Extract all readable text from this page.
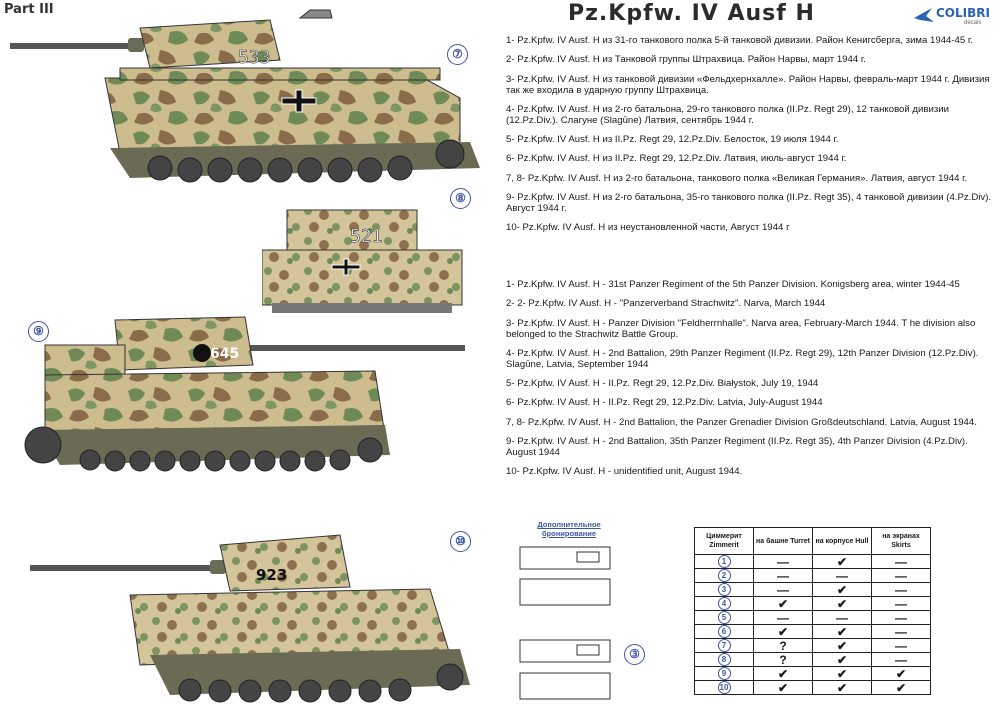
Part III	Pz.Kpfw. IV Ausf H	COLIBRI
decals
533	⑦
521
⑧
645
⑨
923
⑩

1- Pz.Kpfw. IV Ausf. H из 31-го танкового полка 5-й танковой дивизии. Район Кенигсберга, зима 1944-45 г.

2- Pz.Kpfw. IV Ausf. H из Танковой группы Штрахвица. Район Нарвы, март 1944 г.

3- Pz.Kpfw. IV Ausf. H из танковой дивизии «Фельдхернхалле». Район Нарвы, февраль-март 1944 г. Дивизия так же входила в ударную группу Штрахвица.

4- Pz.Kpfw. IV Ausf. H из 2-го батальона, 29-го танкового полка (II.Pz. Regt 29), 12 танковой дивизии (12.Pz.Div.). Слагуне (Slagūne) Латвия, сентябрь 1944 г.

5- Pz.Kpfw. IV Ausf. H из II.Pz. Regt 29, 12.Pz.Div. Белосток, 19 июля 1944 г.

6- Pz.Kpfw. IV Ausf. H из II.Pz. Regt 29, 12.Pz.Div. Латвия, июль-август 1944 г.

7, 8- Pz.Kpfw. IV Ausf. H из 2-го батальона, танкового полка «Великая Германия». Латвия, август 1944 г.

9- Pz.Kpfw. IV Ausf. H из 2-го батальона, 35-го танкового полка (II.Pz. Regt 35), 4 танковой дивизии (4.Pz.Div). Август 1944 г.

10- Pz.Kpfw. IV Ausf. H из неустановленной части, Август 1944 г

1- Pz.Kpfw. IV Ausf. H - 31st Panzer Regiment of the 5th Panzer Division. Konigsberg area, winter 1944-45

2- 2- Pz.Kpfw. IV Ausf. H - "Panzerverband Strachwitz". Narva, March 1944

3- Pz.Kpfw. IV Ausf. H - Panzer Division "Feldherrnhalle". Narva area, February-March 1944. T he division also belonged to the Strachwitz Battle Group.

4- Pz.Kpfw. IV Ausf. H - 2nd Battalion, 29th Panzer Regiment (II.Pz. Regt 29), 12th Panzer Division (12.Pz.Div). Slagūne, Latvia, September 1944

5- Pz.Kpfw. IV Ausf. H - II.Pz. Regt 29, 12.Pz.Div. Białystok, July 19, 1944

6- Pz.Kpfw. IV Ausf. H - II.Pz. Regt 29, 12.Pz.Div. Latvia, July-August 1944

7, 8- Pz.Kpfw. IV Ausf. H - 2nd Battalion, the Panzer Grenadier Division Großdeutschland. Latvia, August 1944.

9- Pz.Kpfw. IV Ausf. H - 2nd Battalion, 35th Panzer Regiment (II.Pz. Regt 35), 4th Panzer Division (4.Pz.Div). August 1944

10- Pz.Kpfw. IV Ausf. H - unidentified unit, August 1944.

Дополнительное бронирование
③
Циммерит Zimmerit	на башне Turret	на корпусе Hull	на экранах Skirts
1	—	✔	—
2	—	—	—
3	—	✔	—
4	✔	✔	—
5	—	—	—
6	✔	✔	—
7	?	✔	—
8	?	✔	—
9	✔	✔	✔
10	✔	✔	✔
